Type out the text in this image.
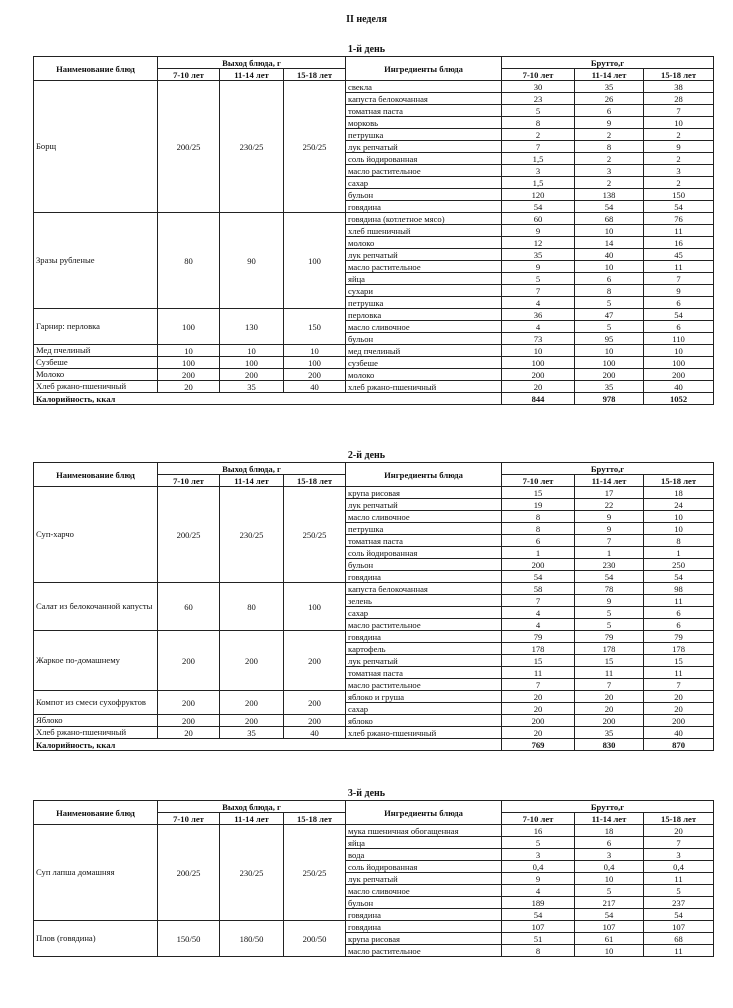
II неделя
1-й день
Наименование блюд	Выход блюда, г			Ингредиенты блюда	Брутто,г		
	7-10 лет	11-14 лет	15-18 лет		7-10 лет	11-14 лет	15-18 лет
Борщ	200/25	230/25	250/25	свекла	30	35	38
				капуста белокочанная	23	26	28
				томатная паста	5	6	7
				морковь	8	9	10
				петрушка	2	2	2
				лук репчатый	7	8	9
				соль йодированная	1,5	2	2
				масло растительное	3	3	3
				сахар	1,5	2	2
				бульон	120	138	150
				говядина	54	54	54
Зразы рубленые	80	90	100	говядина (котлетное мясо)	60	68	76
				хлеб пшеничный	9	10	11
				молоко	12	14	16
				лук репчатый	35	40	45
				масло растительное	9	10	11
				яйца	5	6	7
				сухари	7	8	9
				петрушка	4	5	6
Гарнир: перловка	100	130	150	перловка	36	47	54
				масло сливочное	4	5	6
				бульон	73	95	110
Мед пчелиный	10	10	10	мед пчелиный	10	10	10
Сузбеше	100	100	100	сузбеше	100	100	100
Молоко	200	200	200	молоко	200	200	200
Хлеб ржано-пшеничный	20	35	40	хлеб ржано-пшеничный	20	35	40
Калорийность, ккал					844	978	1052
2-й день
Наименование блюд	Выход блюда, г			Ингредиенты блюда	Брутто,г		
	7-10 лет	11-14 лет	15-18 лет		7-10 лет	11-14 лет	15-18 лет
Суп-харчо	200/25	230/25	250/25	крупа рисовая	15	17	18
				лук репчатый	19	22	24
				масло сливочное	8	9	10
				петрушка	8	9	10
				томатная паста	6	7	8
				соль йодированная	1	1	1
				бульон	200	230	250
				говядина	54	54	54
Салат из белокочанной капусты	60	80	100	капуста белокочанная	58	78	98
				зелень	7	9	11
				сахар	4	5	6
				масло растительное	4	5	6
Жаркое по-домашнему	200	200	200	говядина	79	79	79
				картофель	178	178	178
				лук репчатый	15	15	15
				томатная паста	11	11	11
				масло растительное	7	7	7
Компот из смеси сухофруктов	200	200	200	яблоко и груша	20	20	20
				сахар	20	20	20
Яблоко	200	200	200	яблоко	200	200	200
Хлеб ржано-пшеничный	20	35	40	хлеб ржано-пшеничный	20	35	40
Калорийность, ккал					769	830	870
3-й день
Наименование блюд	Выход блюда, г			Ингредиенты блюда	Брутто,г		
	7-10 лет	11-14 лет	15-18 лет		7-10 лет	11-14 лет	15-18 лет
Суп лапша домашняя	200/25	230/25	250/25	мука пшеничная обогащенная	16	18	20
				яйца	5	6	7
				вода	3	3	3
				соль йодированная	0,4	0,4	0,4
				лук репчатый	9	10	11
				масло сливочное	4	5	5
				бульон	189	217	237
				говядина	54	54	54
Плов (говядина)	150/50	180/50	200/50	говядина	107	107	107
				крупа рисовая	51	61	68
				масло растительное	8	10	11
